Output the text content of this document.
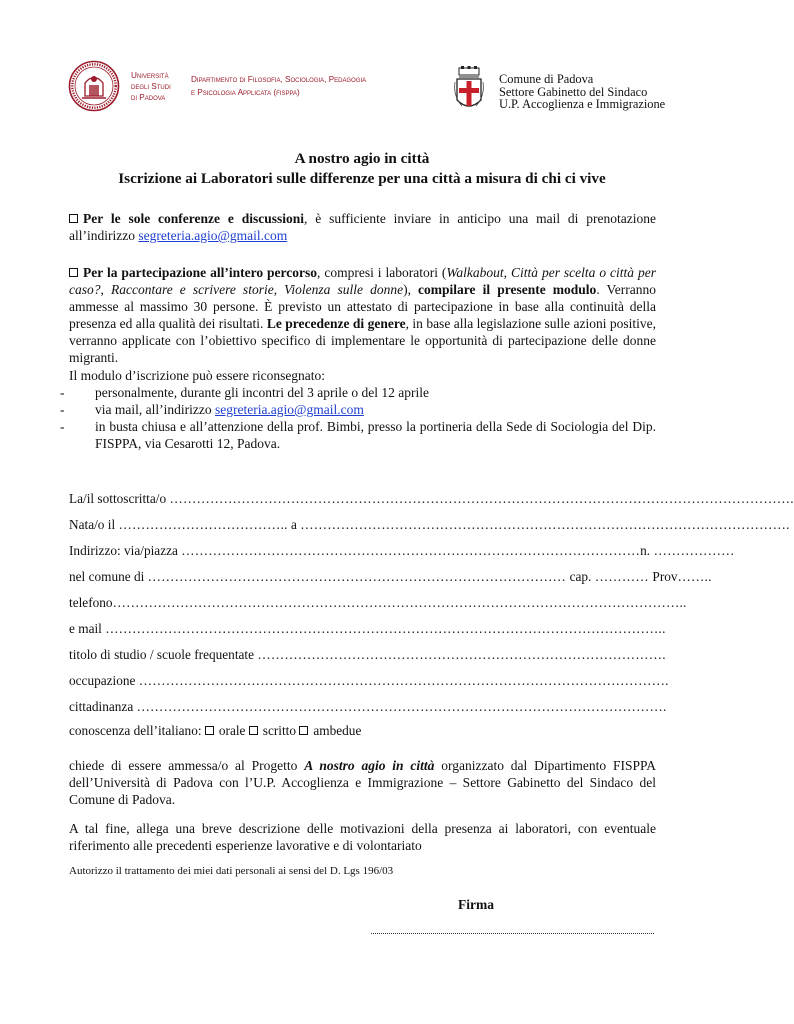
Università
degli Studi
di Padova
Dipartimento di Filosofia, Sociologia, Pedagogia
e Psicologia Applicata (fisppa)
Comune di Padova
Settore Gabinetto del Sindaco
U.P. Accoglienza e Immigrazione
A nostro agio in città
Iscrizione ai Laboratori sulle differenze per una città a misura di chi ci vive
Per le sole conferenze e discussioni, è sufficiente inviare in anticipo una mail di prenotazione all’indirizzo segreteria.agio@gmail.com
Per la partecipazione all’intero percorso, compresi i laboratori (Walkabout, Città per scelta o città per caso?, Raccontare e scrivere storie, Violenza sulle donne), compilare il presente modulo. Verranno ammesse al massimo 30 persone. È previsto un attestato di partecipazione in base alla continuità della presenza ed alla qualità dei risultati. Le precedenze di genere, in base alla legislazione sulle azioni positive, verranno applicate con l’obiettivo specifico di implementare le opportunità di partecipazione delle donne migranti.
Il modulo d’iscrizione può essere riconsegnato:
-	personalmente, durante gli incontri del 3 aprile o del 12 aprile
-	via mail, all’indirizzo segreteria.agio@gmail.com
-	in busta chiusa e all’attenzione della prof. Bimbi, presso la portineria della Sede di Sociologia del Dip. FISPPA, via Cesarotti 12, Padova.
La/il sottoscritta/o ………………………………………………………………………………………………………………………….
Nata/o il ……………………………….. a ……………………………………………………………………………………………….
Indirizzo: via/piazza …………………………………………………………………………………………n. ………………
nel comune di ………………………………………………………………………………… cap. ………… Prov……..
telefono………………………………………………………………………………………………………………..
e mail ……………………………………………………………………………………………………………..
titolo di studio / scuole frequentate ……………………………………………………………………………….
occupazione ……………………………………………………………………………………………………….
cittadinanza ……………………………………………………………………………………………………….
conoscenza dell’italiano: orale scritto ambedue
chiede di essere ammessa/o al Progetto A nostro agio in città organizzato dal Dipartimento FISPPA dell’Università di Padova con l’U.P. Accoglienza e Immigrazione – Settore Gabinetto del Sindaco del Comune di Padova.
A tal fine, allega una breve descrizione delle motivazioni della presenza ai laboratori, con eventuale riferimento alle precedenti esperienze lavorative e di volontariato
Autorizzo il trattamento dei miei dati personali ai sensi del D. Lgs 196/03
Firma
